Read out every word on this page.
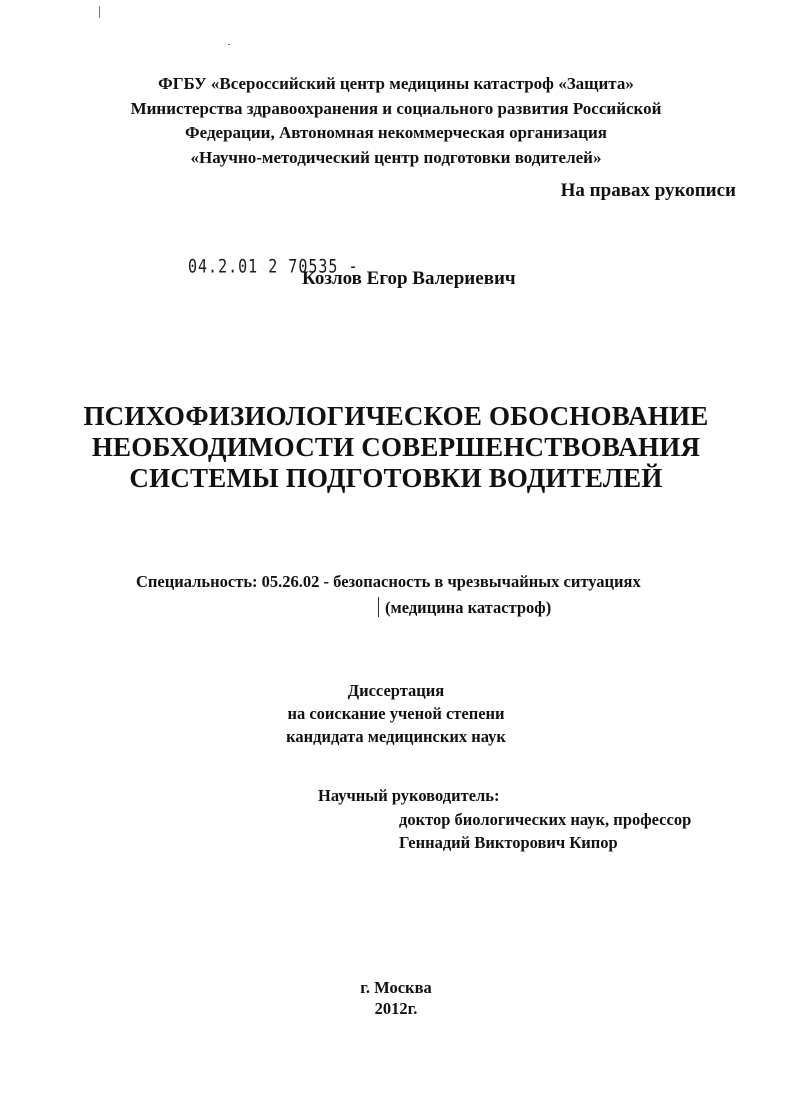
ФГБУ «Всероссийский центр медицины катастроф «Защита»
Министерства здравоохранения и социального развития Российской
Федерации, Автономная некоммерческая организация
«Научно-методический центр подготовки водителей»
На правах рукописи
04.2.01 2 70535 -
Козлов Егор Валериевич
ПСИХОФИЗИОЛОГИЧЕСКОЕ ОБОСНОВАНИЕ
НЕОБХОДИМОСТИ СОВЕРШЕНСТВОВАНИЯ
СИСТЕМЫ ПОДГОТОВКИ ВОДИТЕЛЕЙ
Специальность: 05.26.02 - безопасность в чрезвычайных ситуациях
(медицина катастроф)
Диссертация
на соискание ученой степени
кандидата медицинских наук
Научный руководитель:
доктор биологических наук, профессор
Геннадий Викторович Кипор
г. Москва
2012г.
